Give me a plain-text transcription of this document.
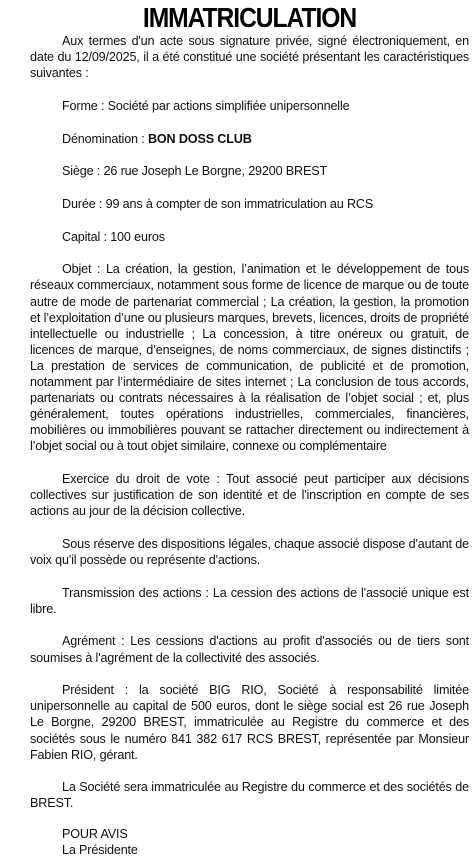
IMMATRICULATION

Aux termes d'un acte sous signature privée, signé électroniquement, en date du 12/09/2025, il a été constitué une société présentant les caractéristiques suivantes :

Forme : Société par actions simplifiée unipersonnelle

Dénomination : BON DOSS CLUB

Siège : 26 rue Joseph Le Borgne, 29200 BREST

Durée : 99 ans à compter de son immatriculation au RCS

Capital : 100 euros

Objet : La création, la gestion, l’animation et le développement de tous réseaux commerciaux, notamment sous forme de licence de marque ou de toute autre de mode de partenariat commercial ; La création, la gestion, la promotion et l’exploitation d’une ou plusieurs marques, brevets, licences, droits de propriété intellectuelle ou industrielle ; La concession, à titre onéreux ou gratuit, de licences de marque, d’enseignes, de noms commerciaux, de signes distinctifs ; La prestation de services de communication, de publicité et de promotion, notamment par l’intermédiaire de sites internet ; La conclusion de tous accords, partenariats ou contrats nécessaires à la réalisation de l’objet social ; et, plus généralement, toutes opérations industrielles, commerciales, financières, mobilières ou immobilières pouvant se rattacher directement ou indirectement à l’objet social ou à tout objet similaire, connexe ou complémentaire

Exercice du droit de vote : Tout associé peut participer aux décisions collectives sur justification de son identité et de l'inscription en compte de ses actions au jour de la décision collective.

Sous réserve des dispositions légales, chaque associé dispose d'autant de voix qu'il possède ou représente d'actions.

Transmission des actions : La cession des actions de l'associé unique est libre.

Agrément : Les cessions d'actions au profit d'associés ou de tiers sont soumises à l'agrément de la collectivité des associés.

Président : la société BIG RIO, Société à responsabilité limitée unipersonnelle au capital de 500 euros, dont le siège social est 26 rue Joseph Le Borgne, 29200 BREST, immatriculée au Registre du commerce et des sociétés sous le numéro 841 382 617 RCS BREST, représentée par Monsieur Fabien RIO, gérant.

La Société sera immatriculée au Registre du commerce et des sociétés de BREST.

POUR AVIS

La Présidente
